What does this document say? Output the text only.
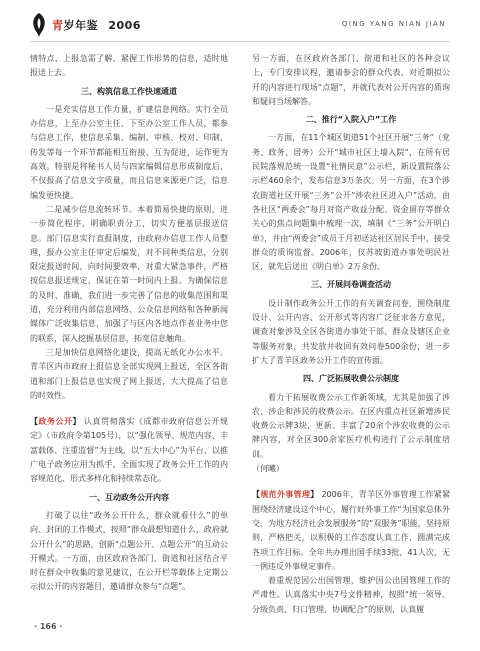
青岁年鉴 2006	QING YANG NIAN JIAN

情特点、上报急需了解、紧握工作形势的信息，适时地报送上去。

三、构筑信息工作快速通道

一是充实信息工作力量，扩建信息网络。实行全员办信息，上至办公室主任，下至办公室工作人员，都参与信息工作，使信息采集、编制、审核、校对、印制、传发等每一个环节都能相互衔接、互为促进，运作更为高效。特别是将秘书人员与四家编辑信息形成制度后，不仅报高了信息文字质量，而且信息来源更广泛，信息编发更快捷。

二是减少信息流转环节。本着简易快捷的原则，进一步简化程序，明确职责分工，切实方便基层报送信息。部门信息实行直报制度，由政府办信息工作人员整理，报办公室主任审定后编发，对不同种类信息，分别限定报送时间，向时间要效率，对重大紧急事件，严格按信息报送规定，保证在第一时间内上报。为确保信息的及时、准确，我们进一步完善了信息的收集范围和渠道，充分利用内部信息网络、公众信息网络和各种新闻媒体广泛收集信息，加强了与区内各地点作者业务中您的联系，深入挖掘基层信息，拓宽信息触角。

三是加快信息网络化建设，提高无纸化办公水平。青羊区内市政府上报信息全部实现网上报送，全区各街道和部门上报信息也实现了网上报送，大大提高了信息的时效性。

【政务公开】 认真贯彻落实《成都市政府信息公开规定》（市政府令第105号），以“强化领导、规范内容、丰富载体、注重监督”为主线，以“五大中心”为平台，以推广电子政务应用为抓手，全面实现了政务公开工作的内容规范化、形式多样化和持续常态化。

一、互动政务公开内容

打破了以往“政务公开什么，群众就看什么”的单向、封闭的工作模式，按照“群众最想知道什么，政府就公开什么”的思路，创新“点题公开、点题公开”的互动公开模式。一方面，由区政府各部门、街道和社区结合平时在群众中收集的意见建议，在公开栏等载体上定期公示拟公开的内容题目，邀请群众参与“点题”。

另一方面，在区政府各部门、街道和社区的各种会议上，专门安排议程，邀请参会的群众代表，对近期拟公开的内容进行现场“点题”，并就代表对公开内容的质询和疑问当场解答。

二、推行“入院入户”工作

一方面，在11个城区街道51个社区开展“三务”（党务、政务、居务）公开“城市社区上墙入院”，在所有居民院落规范统一设置“社情民意”公示栏，新设置院落公示栏460余个，发布信息3万条次。另一方面，在3个涉农街道社区开展“三务”公开“涉农社区进入户”活动，由各社区“两委会”每月对资产收益分配、资金留存等群众关心的焦点问题集中梳理一次，填制《“三务”公开明白单》，并由“两委会”成员于月初送达社区居民手中，接受群众的质询监督。2006年，仅苏坡街道办事处明民社区，就先后送出《明白单》2万余份。

三、开展问卷调查活动

设计制作政务公开工作的有关调查问卷，围绕制度设计、公开内容、公开形式等内容广泛征求各方意见，调查对象涉及全区各街道办事处干部、群众及辖区企业等服务对象，共发放并收回有效问卷500余份，进一步扩大了青羊区政务公开工作的宣传面。

四、广泛拓展收费公示制度

着力于拓展收费公示工作新领域，尤其是加强了涉农、涉企和涉民的收费公示。在区内重点社区新增涉民收费公示牌3块，更新、丰富了20余个涉农收费的公示牌内容，对全区300余家医疗机构进行了公示制度培训。

（何曦）

【规范外事管理】 2006年，青羊区外事管理工作紧紧围绕经济建设这个中心，履行好外事工作“为国家总体外交、为地方经济社会发展服务”的“双服务”职能，坚持原则，严格把关，以积极的工作态度认真工作，圆满完成各项工作目标。全年共办理出国手续33批，41人次，无一例违反外事规定事件。

着重规范因公出国管理，维护因公出国管理工作的严肃性。认真落实中央7号文件精神，按照“统一领导、分级负责、归口管理、协调配合”的原则，认真履

· 166 ·
